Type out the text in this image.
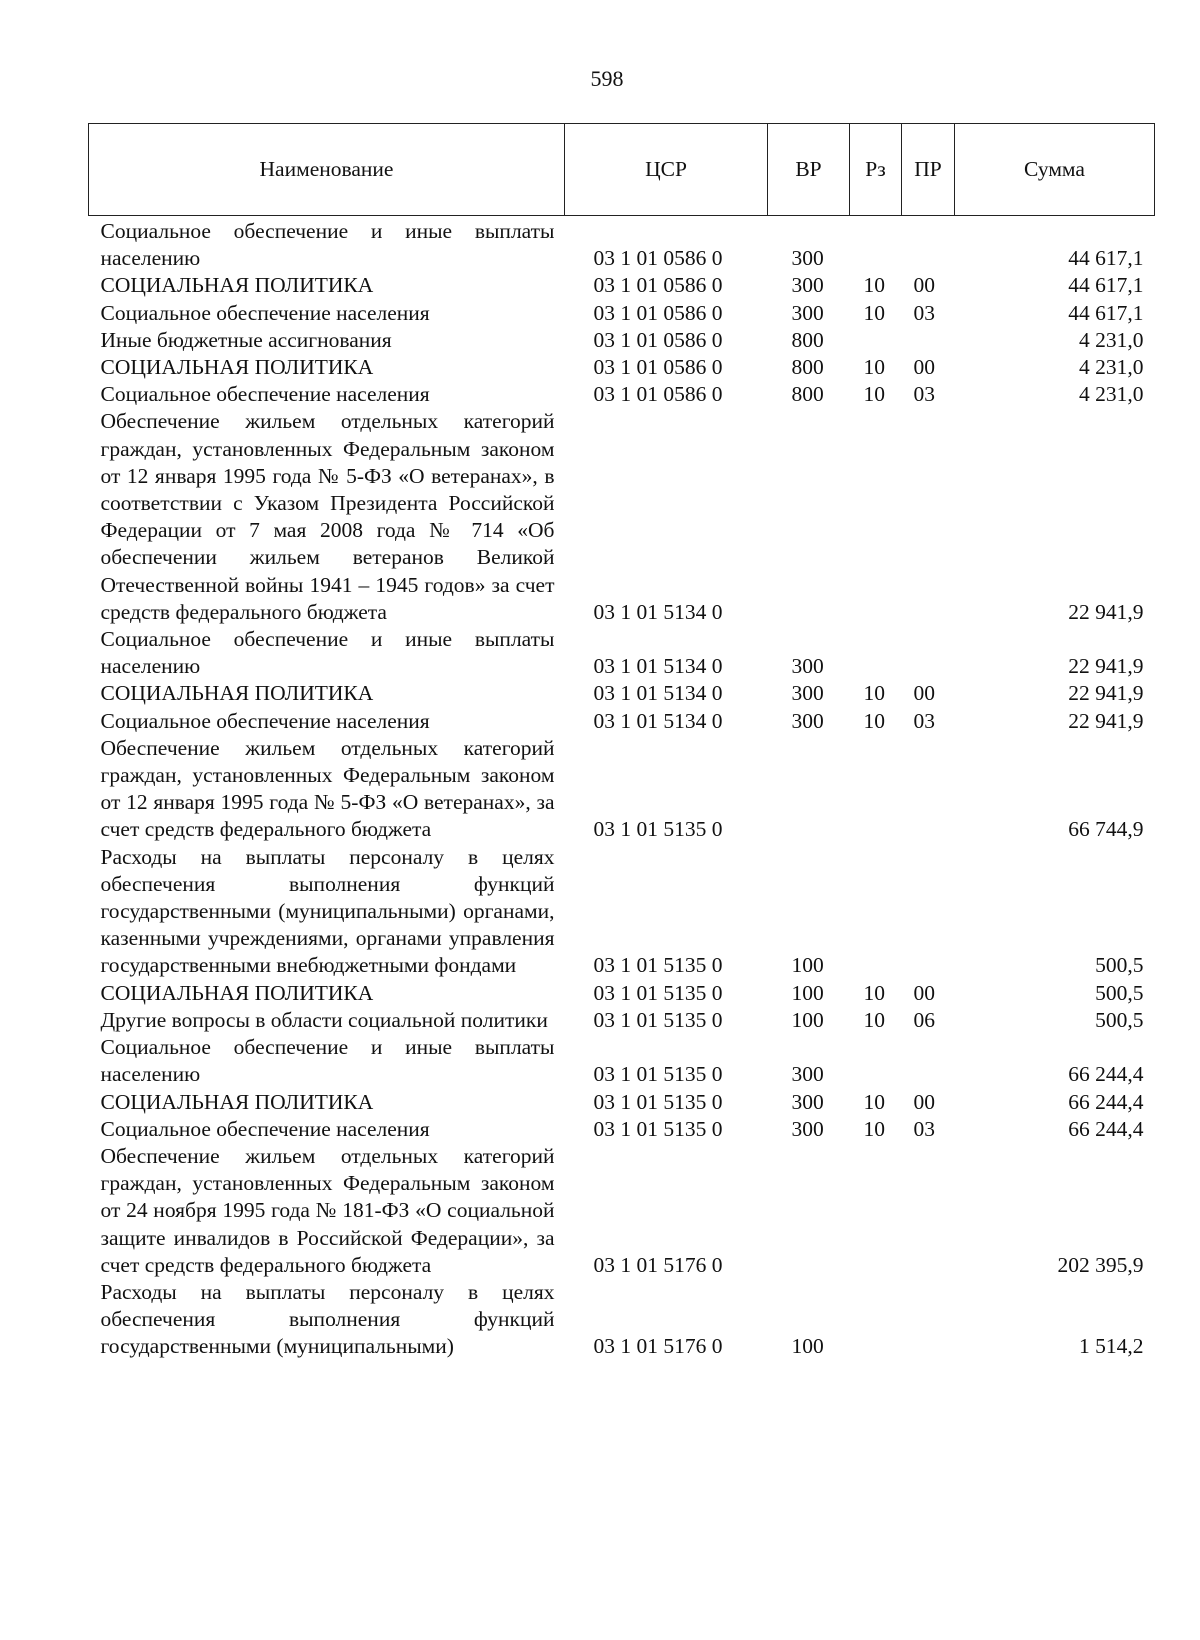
598
Наименование	ЦСР	ВР	Рз	ПР	Сумма
Социальное обеспечение и иные выплаты населению	03 1 01 0586 0	300			44 617,1
СОЦИАЛЬНАЯ ПОЛИТИКА	03 1 01 0586 0	300	10	00	44 617,1
Социальное обеспечение населения	03 1 01 0586 0	300	10	03	44 617,1
Иные бюджетные ассигнования	03 1 01 0586 0	800			4 231,0
СОЦИАЛЬНАЯ ПОЛИТИКА	03 1 01 0586 0	800	10	00	4 231,0
Социальное обеспечение населения	03 1 01 0586 0	800	10	03	4 231,0
Обеспечение жильем отдельных категорий граждан, установленных Федеральным законом от 12 января 1995 года № 5-ФЗ «О ветеранах», в соответствии с Указом Президента Российской Федерации от 7 мая 2008 года № 714 «Об обеспечении жильем ветеранов Великой Отечественной войны 1941 – 1945 годов» за счет средств федерального бюджета	03 1 01 5134 0				22 941,9
Социальное обеспечение и иные выплаты населению	03 1 01 5134 0	300			22 941,9
СОЦИАЛЬНАЯ ПОЛИТИКА	03 1 01 5134 0	300	10	00	22 941,9
Социальное обеспечение населения	03 1 01 5134 0	300	10	03	22 941,9
Обеспечение жильем отдельных категорий граждан, установленных Федеральным законом от 12 января 1995 года № 5-ФЗ «О ветеранах», за счет средств федерального бюджета	03 1 01 5135 0				66 744,9
Расходы на выплаты персоналу в целях обеспечения выполнения функций государственными (муниципальными) органами, казенными учреждениями, органами управления государственными внебюджетными фондами	03 1 01 5135 0	100			500,5
СОЦИАЛЬНАЯ ПОЛИТИКА	03 1 01 5135 0	100	10	00	500,5
Другие вопросы в области социальной политики	03 1 01 5135 0	100	10	06	500,5
Социальное обеспечение и иные выплаты населению	03 1 01 5135 0	300			66 244,4
СОЦИАЛЬНАЯ ПОЛИТИКА	03 1 01 5135 0	300	10	00	66 244,4
Социальное обеспечение населения	03 1 01 5135 0	300	10	03	66 244,4
Обеспечение жильем отдельных категорий граждан, установленных Федеральным законом от 24 ноября 1995 года № 181-ФЗ «О социальной защите инвалидов в Российской Федерации», за счет средств федерального бюджета	03 1 01 5176 0				202 395,9
Расходы на выплаты персоналу в целях обеспечения выполнения функций государственными (муниципальными)	03 1 01 5176 0	100			1 514,2
